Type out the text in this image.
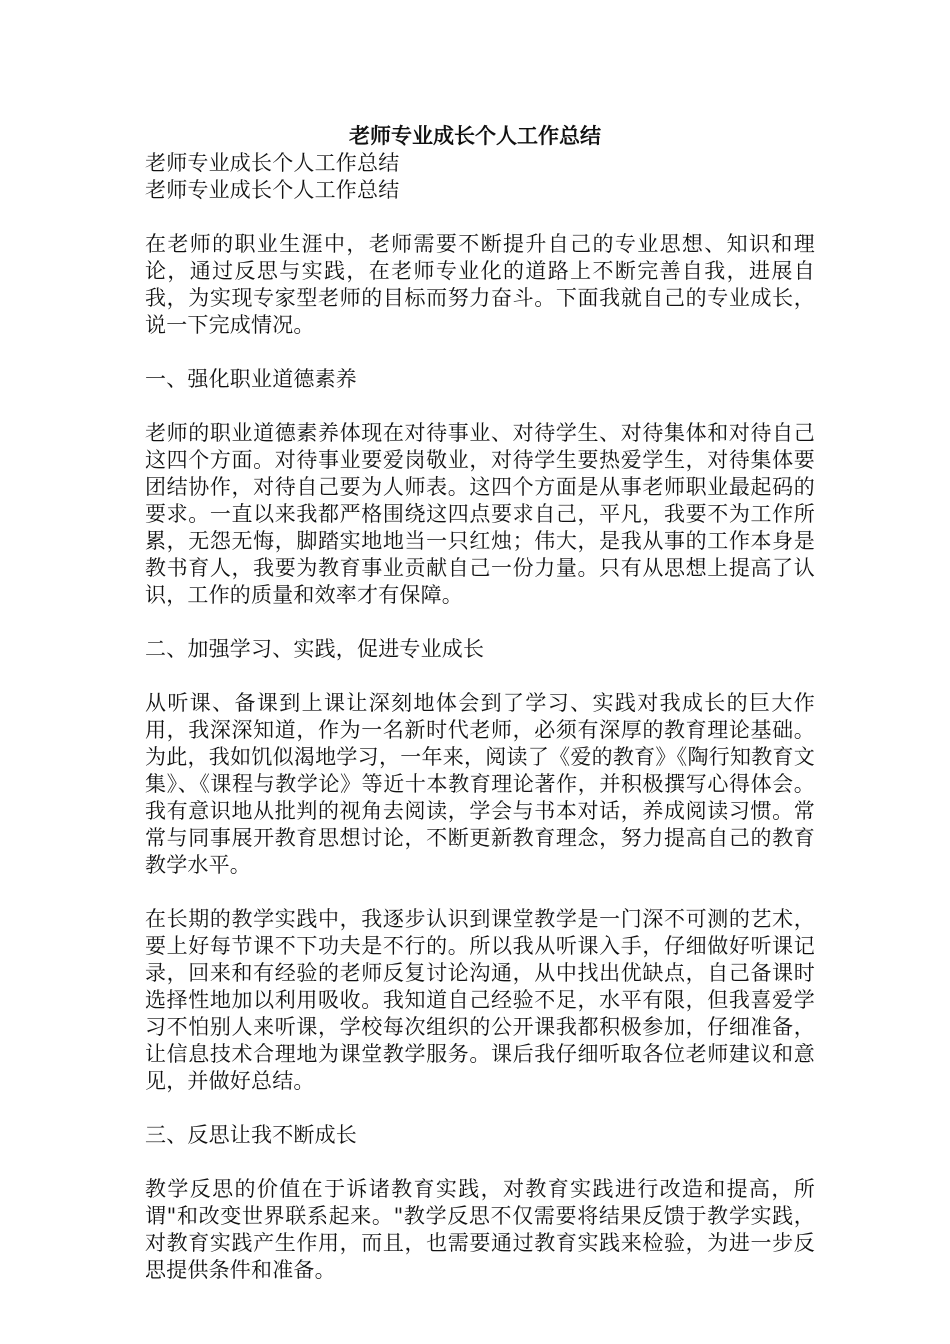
老师专业成长个人工作总结

老师专业成长个人工作总结

老师专业成长个人工作总结

在老师的职业生涯中，老师需要不断提升自己的专业思想、知识和理论，通过反思与实践，在老师专业化的道路上不断完善自我，进展自我，为实现专家型老师的目标而努力奋斗。下面我就自己的专业成长，说一下完成情况。

一、强化职业道德素养

老师的职业道德素养体现在对待事业、对待学生、对待集体和对待自己这四个方面。对待事业要爱岗敬业，对待学生要热爱学生，对待集体要团结协作，对待自己要为人师表。这四个方面是从事老师职业最起码的要求。一直以来我都严格围绕这四点要求自己，平凡，我要不为工作所累，无怨无悔，脚踏实地地当一只红烛；伟大，是我从事的工作本身是教书育人，我要为教育事业贡献自己一份力量。只有从思想上提高了认识，工作的质量和效率才有保障。

二、加强学习、实践，促进专业成长

从听课、备课到上课让深刻地体会到了学习、实践对我成长的巨大作用，我深深知道，作为一名新时代老师，必须有深厚的教育理论基础。为此，我如饥似渴地学习，一年来，阅读了《爱的教育》《陶行知教育文集》、《课程与教学论》等近十本教育理论著作，并积极撰写心得体会。我有意识地从批判的视角去阅读，学会与书本对话，养成阅读习惯。常常与同事展开教育思想讨论，不断更新教育理念，努力提高自己的教育教学水平。

在长期的教学实践中，我逐步认识到课堂教学是一门深不可测的艺术，要上好每节课不下功夫是不行的。所以我从听课入手，仔细做好听课记录，回来和有经验的老师反复讨论沟通，从中找出优缺点，自己备课时选择性地加以利用吸收。我知道自己经验不足，水平有限，但我喜爱学习不怕别人来听课，学校每次组织的公开课我都积极参加，仔细准备，让信息技术合理地为课堂教学服务。课后我仔细听取各位老师建议和意见，并做好总结。

三、反思让我不断成长

教学反思的价值在于诉诸教育实践，对教育实践进行改造和提高，所谓"和改变世界联系起来。"教学反思不仅需要将结果反馈于教学实践，对教育实践产生作用，而且，也需要通过教育实践来检验，为进一步反思提供条件和准备。
